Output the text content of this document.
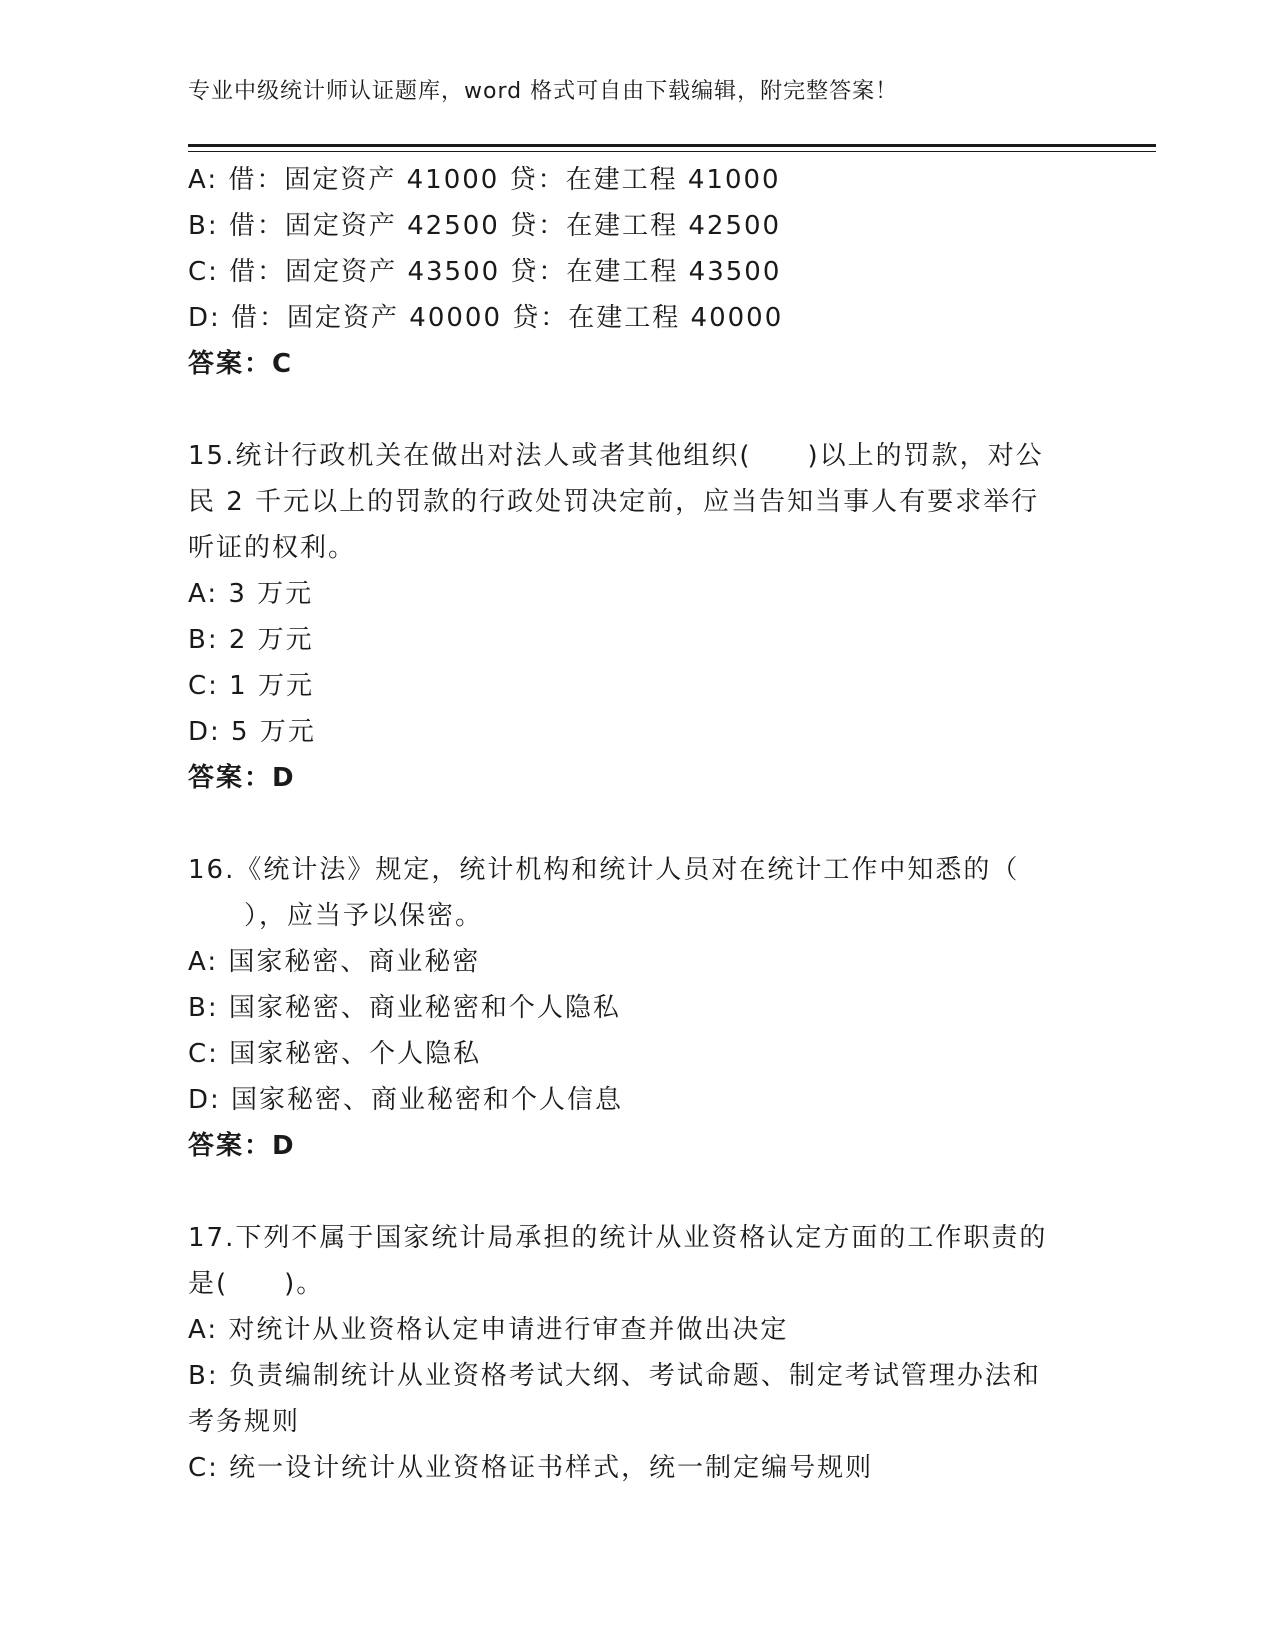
专业中级统计师认证题库，word 格式可自由下载编辑，附完整答案！
A: 借：固定资产 41000 贷：在建工程 41000
B: 借：固定资产 42500 贷：在建工程 42500
C: 借：固定资产 43500 贷：在建工程 43500
D: 借：固定资产 40000 贷：在建工程 40000
答案：C
15.统计行政机关在做出对法人或者其他组织(　　)以上的罚款，对公
民 2 千元以上的罚款的行政处罚决定前，应当告知当事人有要求举行
听证的权利。
A: 3 万元
B: 2 万元
C: 1 万元
D: 5 万元
答案：D
16.《统计法》规定，统计机构和统计人员对在统计工作中知悉的（
　　），应当予以保密。
A: 国家秘密、商业秘密
B: 国家秘密、商业秘密和个人隐私
C: 国家秘密、个人隐私
D: 国家秘密、商业秘密和个人信息
答案：D
17.下列不属于国家统计局承担的统计从业资格认定方面的工作职责的
是(　　)。
A: 对统计从业资格认定申请进行审查并做出决定
B: 负责编制统计从业资格考试大纲、考试命题、制定考试管理办法和
考务规则
C: 统一设计统计从业资格证书样式，统一制定编号规则
